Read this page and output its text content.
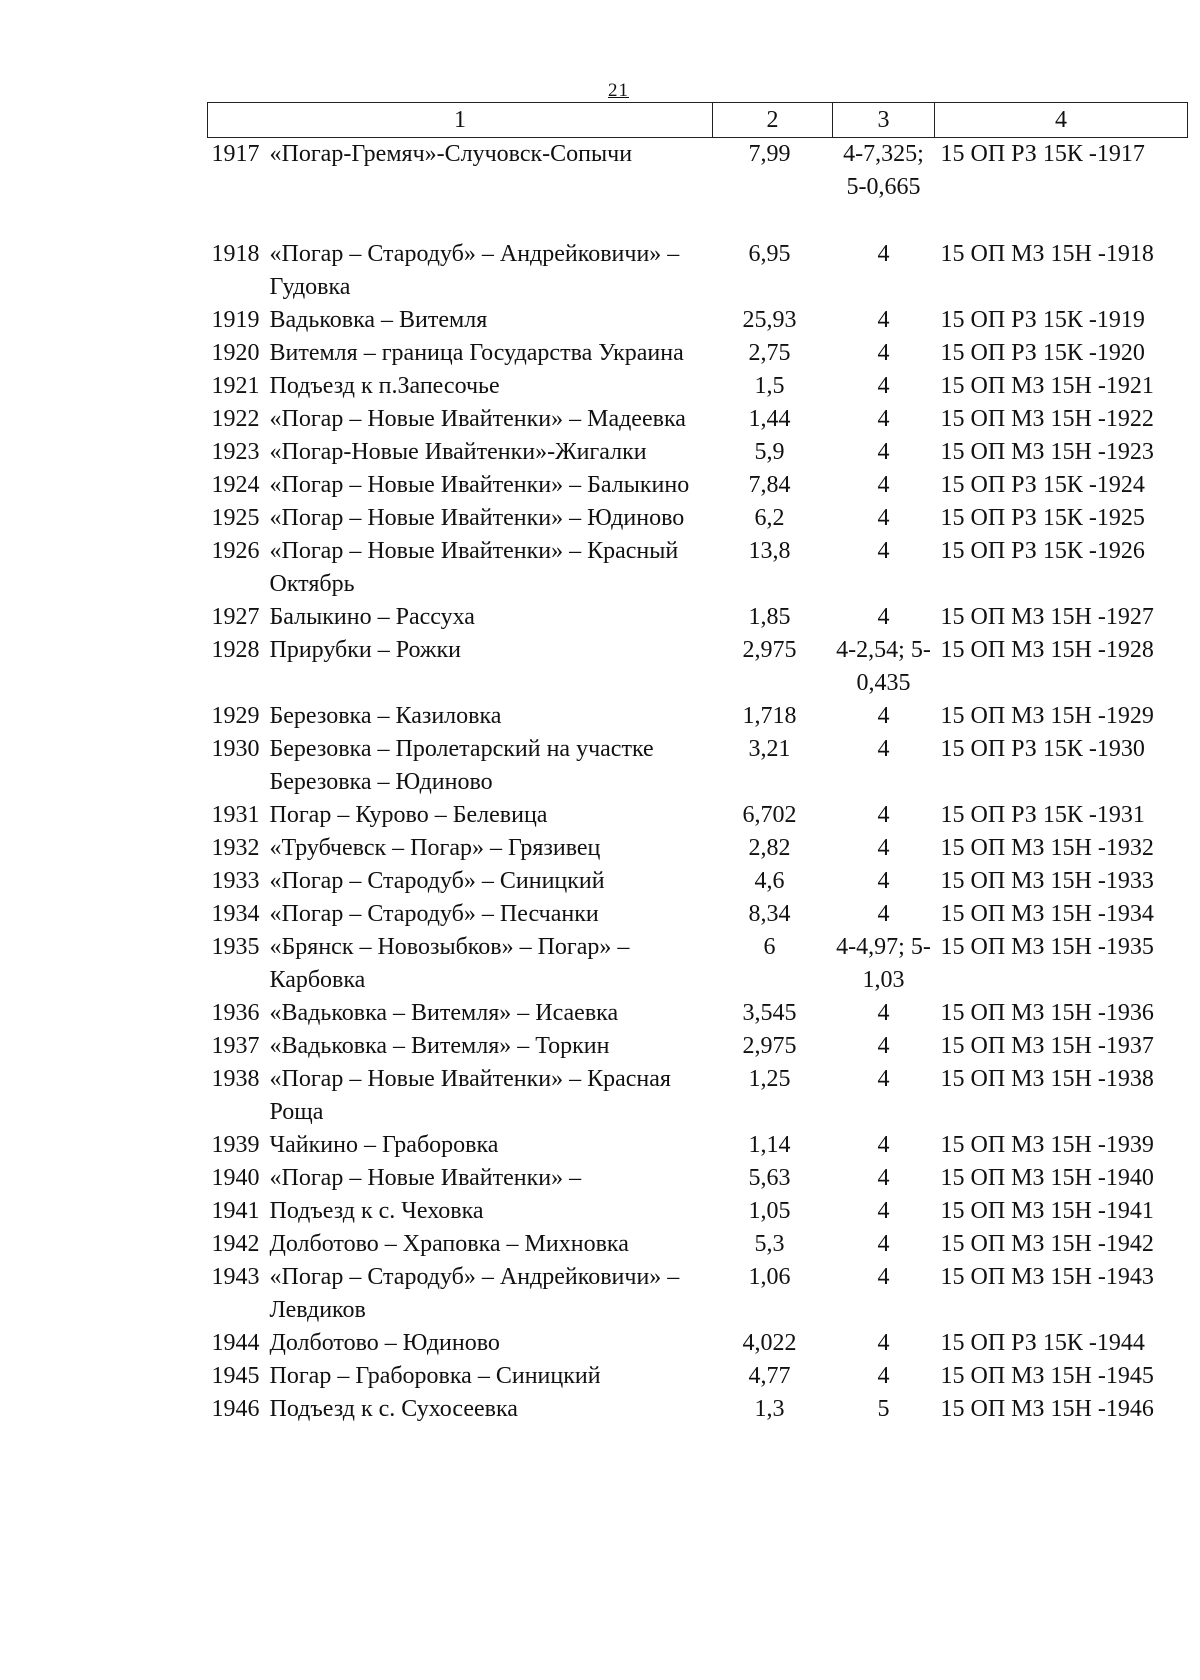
21
1	2	3	4
1917 «Погар-Гремяч»-Случовск-Сопычи	7,99	4-7,325; 5-0,665	15 ОП РЗ 15К -1917
1918 «Погар – Стародуб» – Андрейковичи» – Гудовка	6,95	4	15 ОП МЗ 15Н -1918
1919 Вадьковка – Витемля	25,93	4	15 ОП РЗ 15К -1919
1920 Витемля – граница Государства Украина	2,75	4	15 ОП РЗ 15К -1920
1921 Подъезд к п.Запесочье	1,5	4	15 ОП МЗ 15Н -1921
1922 «Погар – Новые Ивайтенки» – Мадеевка	1,44	4	15 ОП МЗ 15Н -1922
1923 «Погар-Новые Ивайтенки»-Жигалки	5,9	4	15 ОП МЗ 15Н -1923
1924 «Погар – Новые Ивайтенки» – Балыкино	7,84	4	15 ОП РЗ 15К -1924
1925 «Погар – Новые Ивайтенки» – Юдиново	6,2	4	15 ОП РЗ 15К -1925
1926 «Погар – Новые Ивайтенки» – Красный Октябрь	13,8	4	15 ОП РЗ 15К -1926
1927 Балыкино – Рассуха	1,85	4	15 ОП МЗ 15Н -1927
1928 Прирубки – Рожки	2,975	4-2,54; 5-0,435	15 ОП МЗ 15Н -1928
1929 Березовка – Казиловка	1,718	4	15 ОП МЗ 15Н -1929
1930 Березовка – Пролетарский на участке Березовка – Юдиново	3,21	4	15 ОП РЗ 15К -1930
1931 Погар – Курово – Белевица	6,702	4	15 ОП РЗ 15К -1931
1932 «Трубчевск – Погар» – Грязивец	2,82	4	15 ОП МЗ 15Н -1932
1933 «Погар – Стародуб» – Синицкий	4,6	4	15 ОП МЗ 15Н -1933
1934 «Погар – Стародуб» – Песчанки	8,34	4	15 ОП МЗ 15Н -1934
1935 «Брянск – Новозыбков» – Погар» – Карбовка	6	4-4,97; 5-1,03	15 ОП МЗ 15Н -1935
1936 «Вадьковка – Витемля» – Исаевка	3,545	4	15 ОП МЗ 15Н -1936
1937 «Вадьковка – Витемля» – Торкин	2,975	4	15 ОП МЗ 15Н -1937
1938 «Погар – Новые Ивайтенки» – Красная Роща	1,25	4	15 ОП МЗ 15Н -1938
1939 Чайкино – Граборовка	1,14	4	15 ОП МЗ 15Н -1939
1940 «Погар – Новые Ивайтенки» –	5,63	4	15 ОП МЗ 15Н -1940
1941 Подъезд к с. Чеховка	1,05	4	15 ОП МЗ 15Н -1941
1942 Долботово – Храповка – Михновка	5,3	4	15 ОП МЗ 15Н -1942
1943 «Погар – Стародуб» – Андрейковичи» – Левдиков	1,06	4	15 ОП МЗ 15Н -1943
1944 Долботово – Юдиново	4,022	4	15 ОП РЗ 15К -1944
1945 Погар – Граборовка – Синицкий	4,77	4	15 ОП МЗ 15Н -1945
1946 Подъезд к с. Сухосеевка	1,3	5	15 ОП МЗ 15Н -1946
